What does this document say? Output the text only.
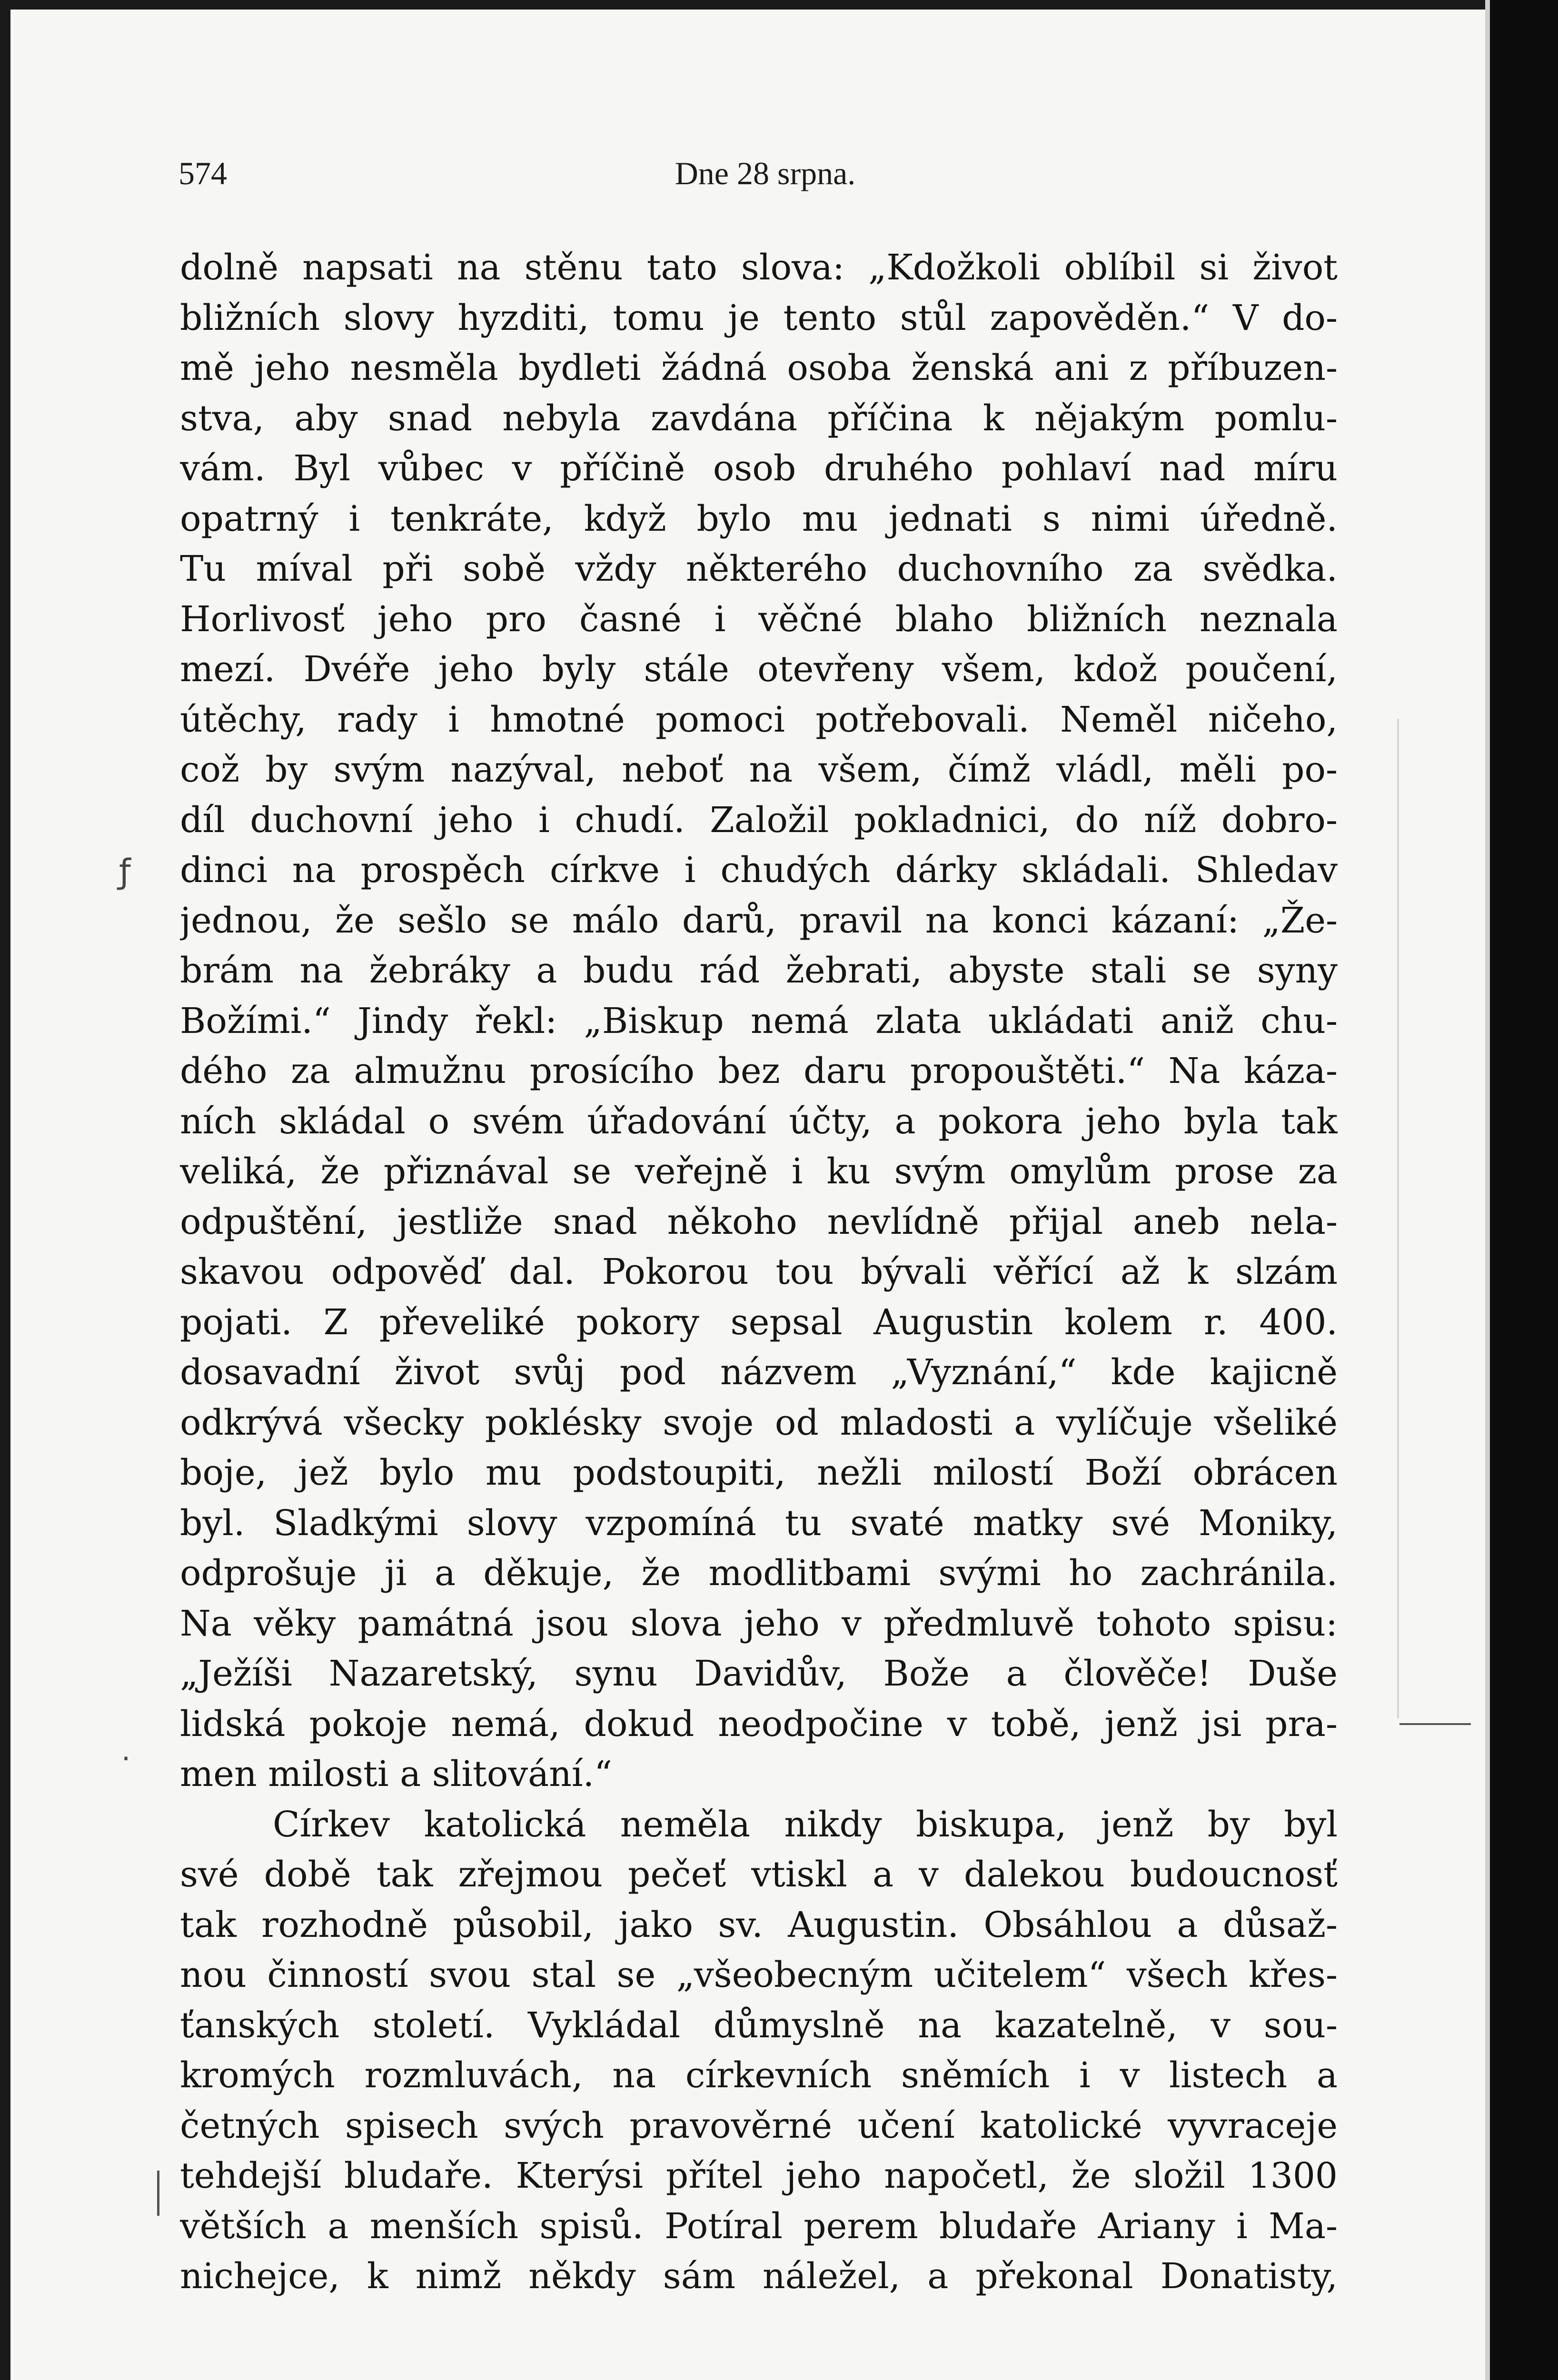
ƒ
·
574	Dne 28 srpna.
dolně napsati na stěnu tato slova: „Kdožkoli oblíbil si život
bližních slovy hyzditi, tomu je tento stůl zapověděn.“ V do-
mě jeho nesměla bydleti žádná osoba ženská ani z příbuzen-
stva, aby snad nebyla zavdána příčina k nějakým pomlu-
vám. Byl vůbec v příčině osob druhého pohlaví nad míru
opatrný i tenkráte, když bylo mu jednati s nimi úředně.
Tu míval při sobě vždy některého duchovního za svědka.
Horlivosť jeho pro časné i věčné blaho bližních neznala
mezí. Dvéře jeho byly stále otevřeny všem, kdož poučení,
útěchy, rady i hmotné pomoci potřebovali. Neměl ničeho,
což by svým nazýval, neboť na všem, čímž vládl, měli po-
díl duchovní jeho i chudí. Založil pokladnici, do níž dobro-
dinci na prospěch církve i chudých dárky skládali. Shledav
jednou, že sešlo se málo darů, pravil na konci kázaní: „Že-
brám na žebráky a budu rád žebrati, abyste stali se syny
Božími.“ Jindy řekl: „Biskup nemá zlata ukládati aniž chu-
dého za almužnu prosícího bez daru propouštěti.“ Na káza-
ních skládal o svém úřadování účty, a pokora jeho byla tak
veliká, že přiznával se veřejně i ku svým omylům prose za
odpuštění, jestliže snad někoho nevlídně přijal aneb nela-
skavou odpověď dal. Pokorou tou bývali věřící až k slzám
pojati. Z převeliké pokory sepsal Augustin kolem r. 400.
dosavadní život svůj pod názvem „Vyznání,“ kde kajicně
odkrývá všecky poklésky svoje od mladosti a vylíčuje všeliké
boje, jež bylo mu podstoupiti, nežli milostí Boží obrácen
byl. Sladkými slovy vzpomíná tu svaté matky své Moniky,
odprošuje ji a děkuje, že modlitbami svými ho zachránila.
Na věky památná jsou slova jeho v předmluvě tohoto spisu:
„Ježíši Nazaretský, synu Davidův, Bože a člověče! Duše
lidská pokoje nemá, dokud neodpočine v tobě, jenž jsi pra-
men milosti a slitování.“
Církev katolická neměla nikdy biskupa, jenž by byl
své době tak zřejmou pečeť vtiskl a v dalekou budoucnosť
tak rozhodně působil, jako sv. Augustin. Obsáhlou a důsaž-
nou činností svou stal se „všeobecným učitelem“ všech křes-
ťanských století. Vykládal důmyslně na kazatelně, v sou-
kromých rozmluvách, na církevních sněmích i v listech a
četných spisech svých pravověrné učení katolické vyvraceje
tehdejší bludaře. Kterýsi přítel jeho napočetl, že složil 1300
větších a menších spisů. Potíral perem bludaře Ariany i Ma-
nichejce, k nimž někdy sám náležel, a překonal Donatisty,
